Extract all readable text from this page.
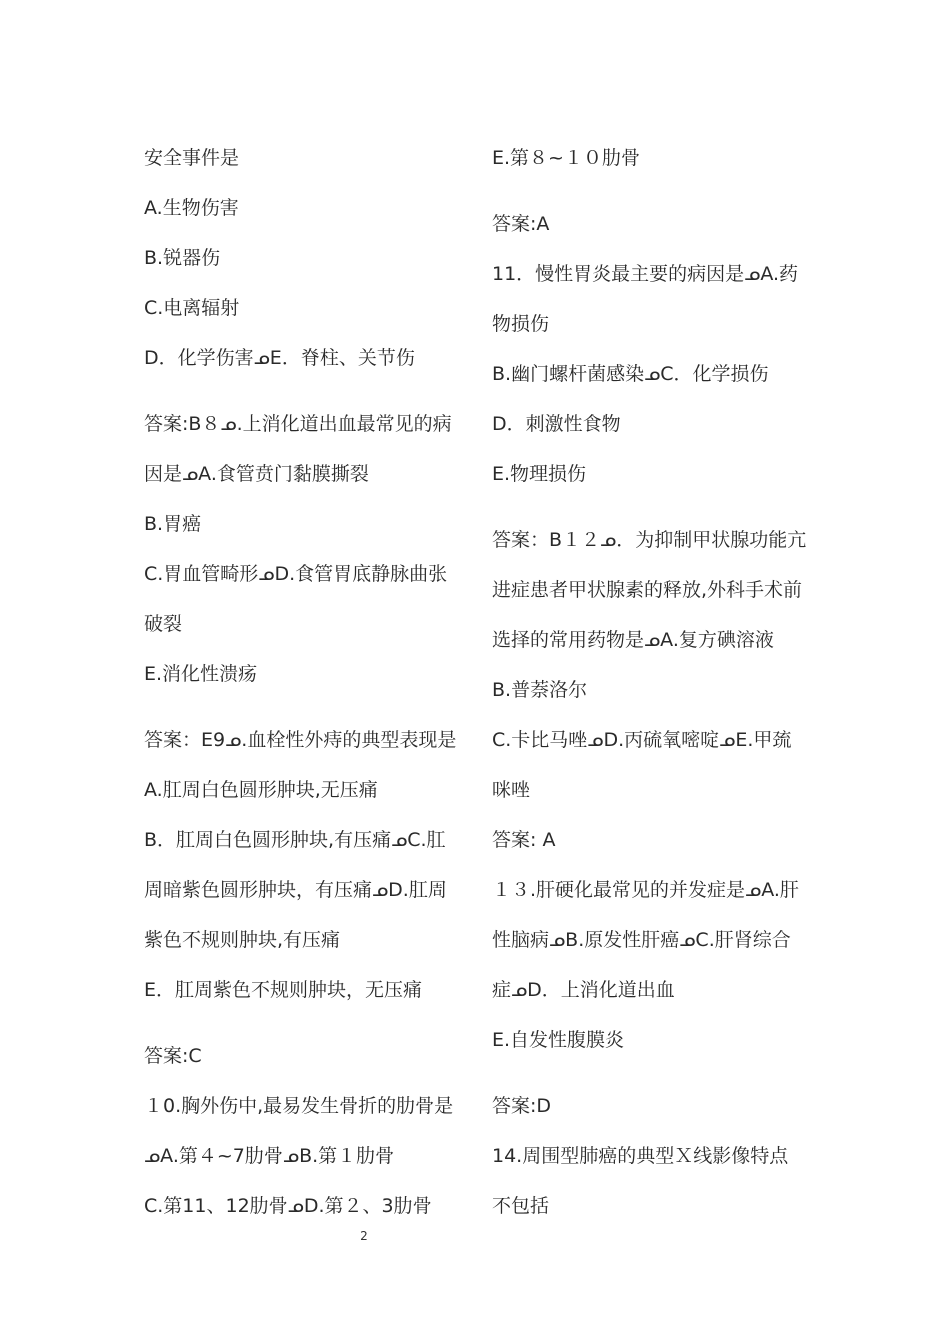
安全事件是
A.生物伤害
B.锐器伤
C.电离辐射
D．化学伤害ᓄE．脊柱、关节伤
答案:B８ᓄ.上消化道出血最常见的病
因是ᓄA.食管贲门黏膜撕裂
B.胃癌
C.胃血管畸形ᓄD.食管胃底静脉曲张
破裂
E.消化性溃疡
答案：E9ᓄ.血栓性外痔的典型表现是
A.肛周白色圆形肿块,无压痛
B．肛周白色圆形肿块,有压痛ᓄC.肛
周暗紫色圆形肿块，有压痛ᓄD.肛周
紫色不规则肿块,有压痛
E．肛周紫色不规则肿块，无压痛
答案:C
１0.胸外伤中,最易发生骨折的肋骨是
ᓄA.第４~7肋骨ᓄB.第１肋骨
C.第11、12肋骨ᓄD.第２、3肋骨
E.第８~１０肋骨
答案:A
11．慢性胃炎最主要的病因是ᓄA.药
物损伤
B.幽门螺杆菌感染ᓄC．化学损伤
D．刺激性食物
E.物理损伤
答案：B１２ᓄ．为抑制甲状腺功能亢
进症患者甲状腺素的释放,外科手术前
选择的常用药物是ᓄA.复方碘溶液
B.普萘洛尔
C.卡比马唑ᓄD.丙硫氧嘧啶ᓄE.甲巯
咪唑
答案: A
１３.肝硬化最常见的并发症是ᓄA.肝
性脑病ᓄB.原发性肝癌ᓄC.肝肾综合
症ᓄD．上消化道出血
E.自发性腹膜炎
答案:D
14.周围型肺癌的典型Ｘ线影像特点
不包括
2
